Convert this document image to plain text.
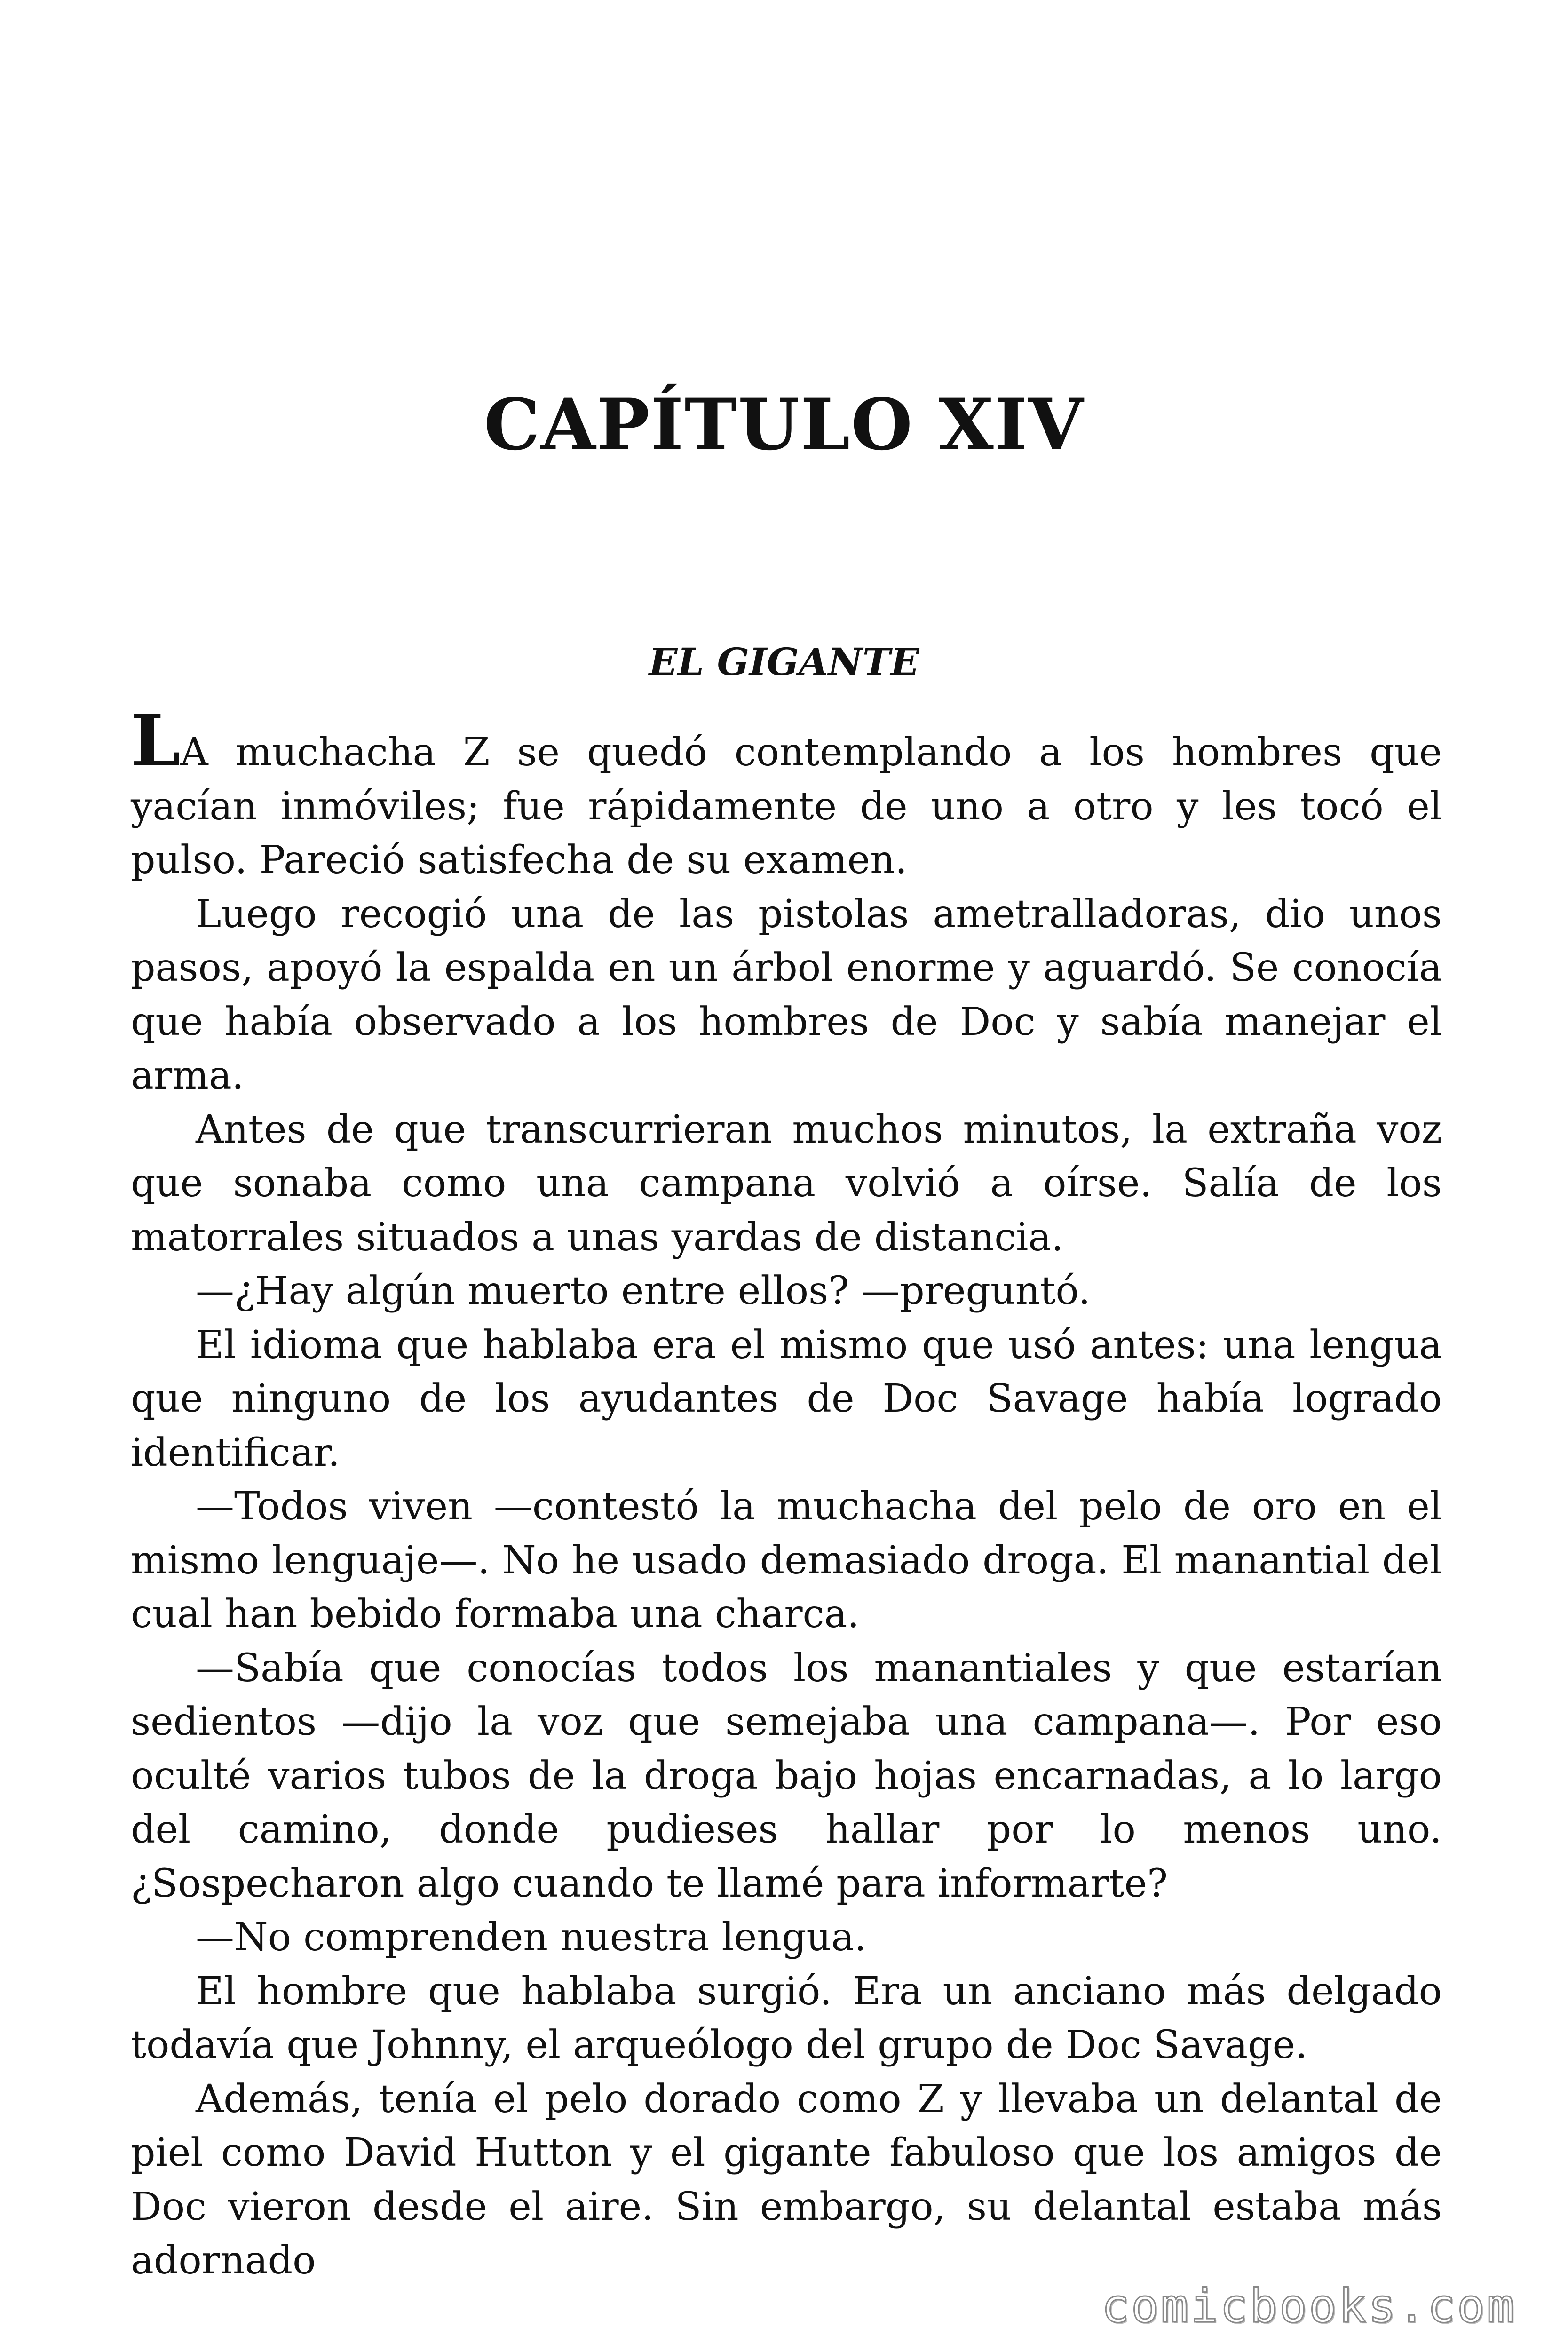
CAPÍTULO XIV
EL GIGANTE

LA muchacha Z se quedó contemplando a los hombres que yacían inmóviles; fue rápidamente de uno a otro y les tocó el pulso. Pareció satisfecha de su examen.

Luego recogió una de las pistolas ametralladoras, dio unos pasos, apoyó la espalda en un árbol enorme y aguardó. Se conocía que había observado a los hombres de Doc y sabía manejar el arma.

Antes de que transcurrieran muchos minutos, la extraña voz que sonaba como una campana volvió a oírse. Salía de los matorrales situados a unas yardas de distancia.

—¿Hay algún muerto entre ellos? —preguntó.

El idioma que hablaba era el mismo que usó antes: una lengua que ninguno de los ayudantes de Doc Savage había logrado identificar.

—Todos viven —contestó la muchacha del pelo de oro en el mismo lenguaje—. No he usado demasiado droga. El manantial del cual han bebido formaba una charca.

—Sabía que conocías todos los manantiales y que estarían sedientos —dijo la voz que semejaba una campana—. Por eso oculté varios tubos de la droga bajo hojas encarnadas, a lo largo del camino, donde pudieses hallar por lo menos uno. ¿Sospecharon algo cuando te llamé para informarte?

—No comprenden nuestra lengua.

El hombre que hablaba surgió. Era un anciano más delgado todavía que Johnny, el arqueólogo del grupo de Doc Savage.

Además, tenía el pelo dorado como Z y llevaba un delantal de piel como David Hutton y el gigante fabuloso que los amigos de Doc vieron desde el aire. Sin embargo, su delantal estaba más adornado

comicbooks.com
